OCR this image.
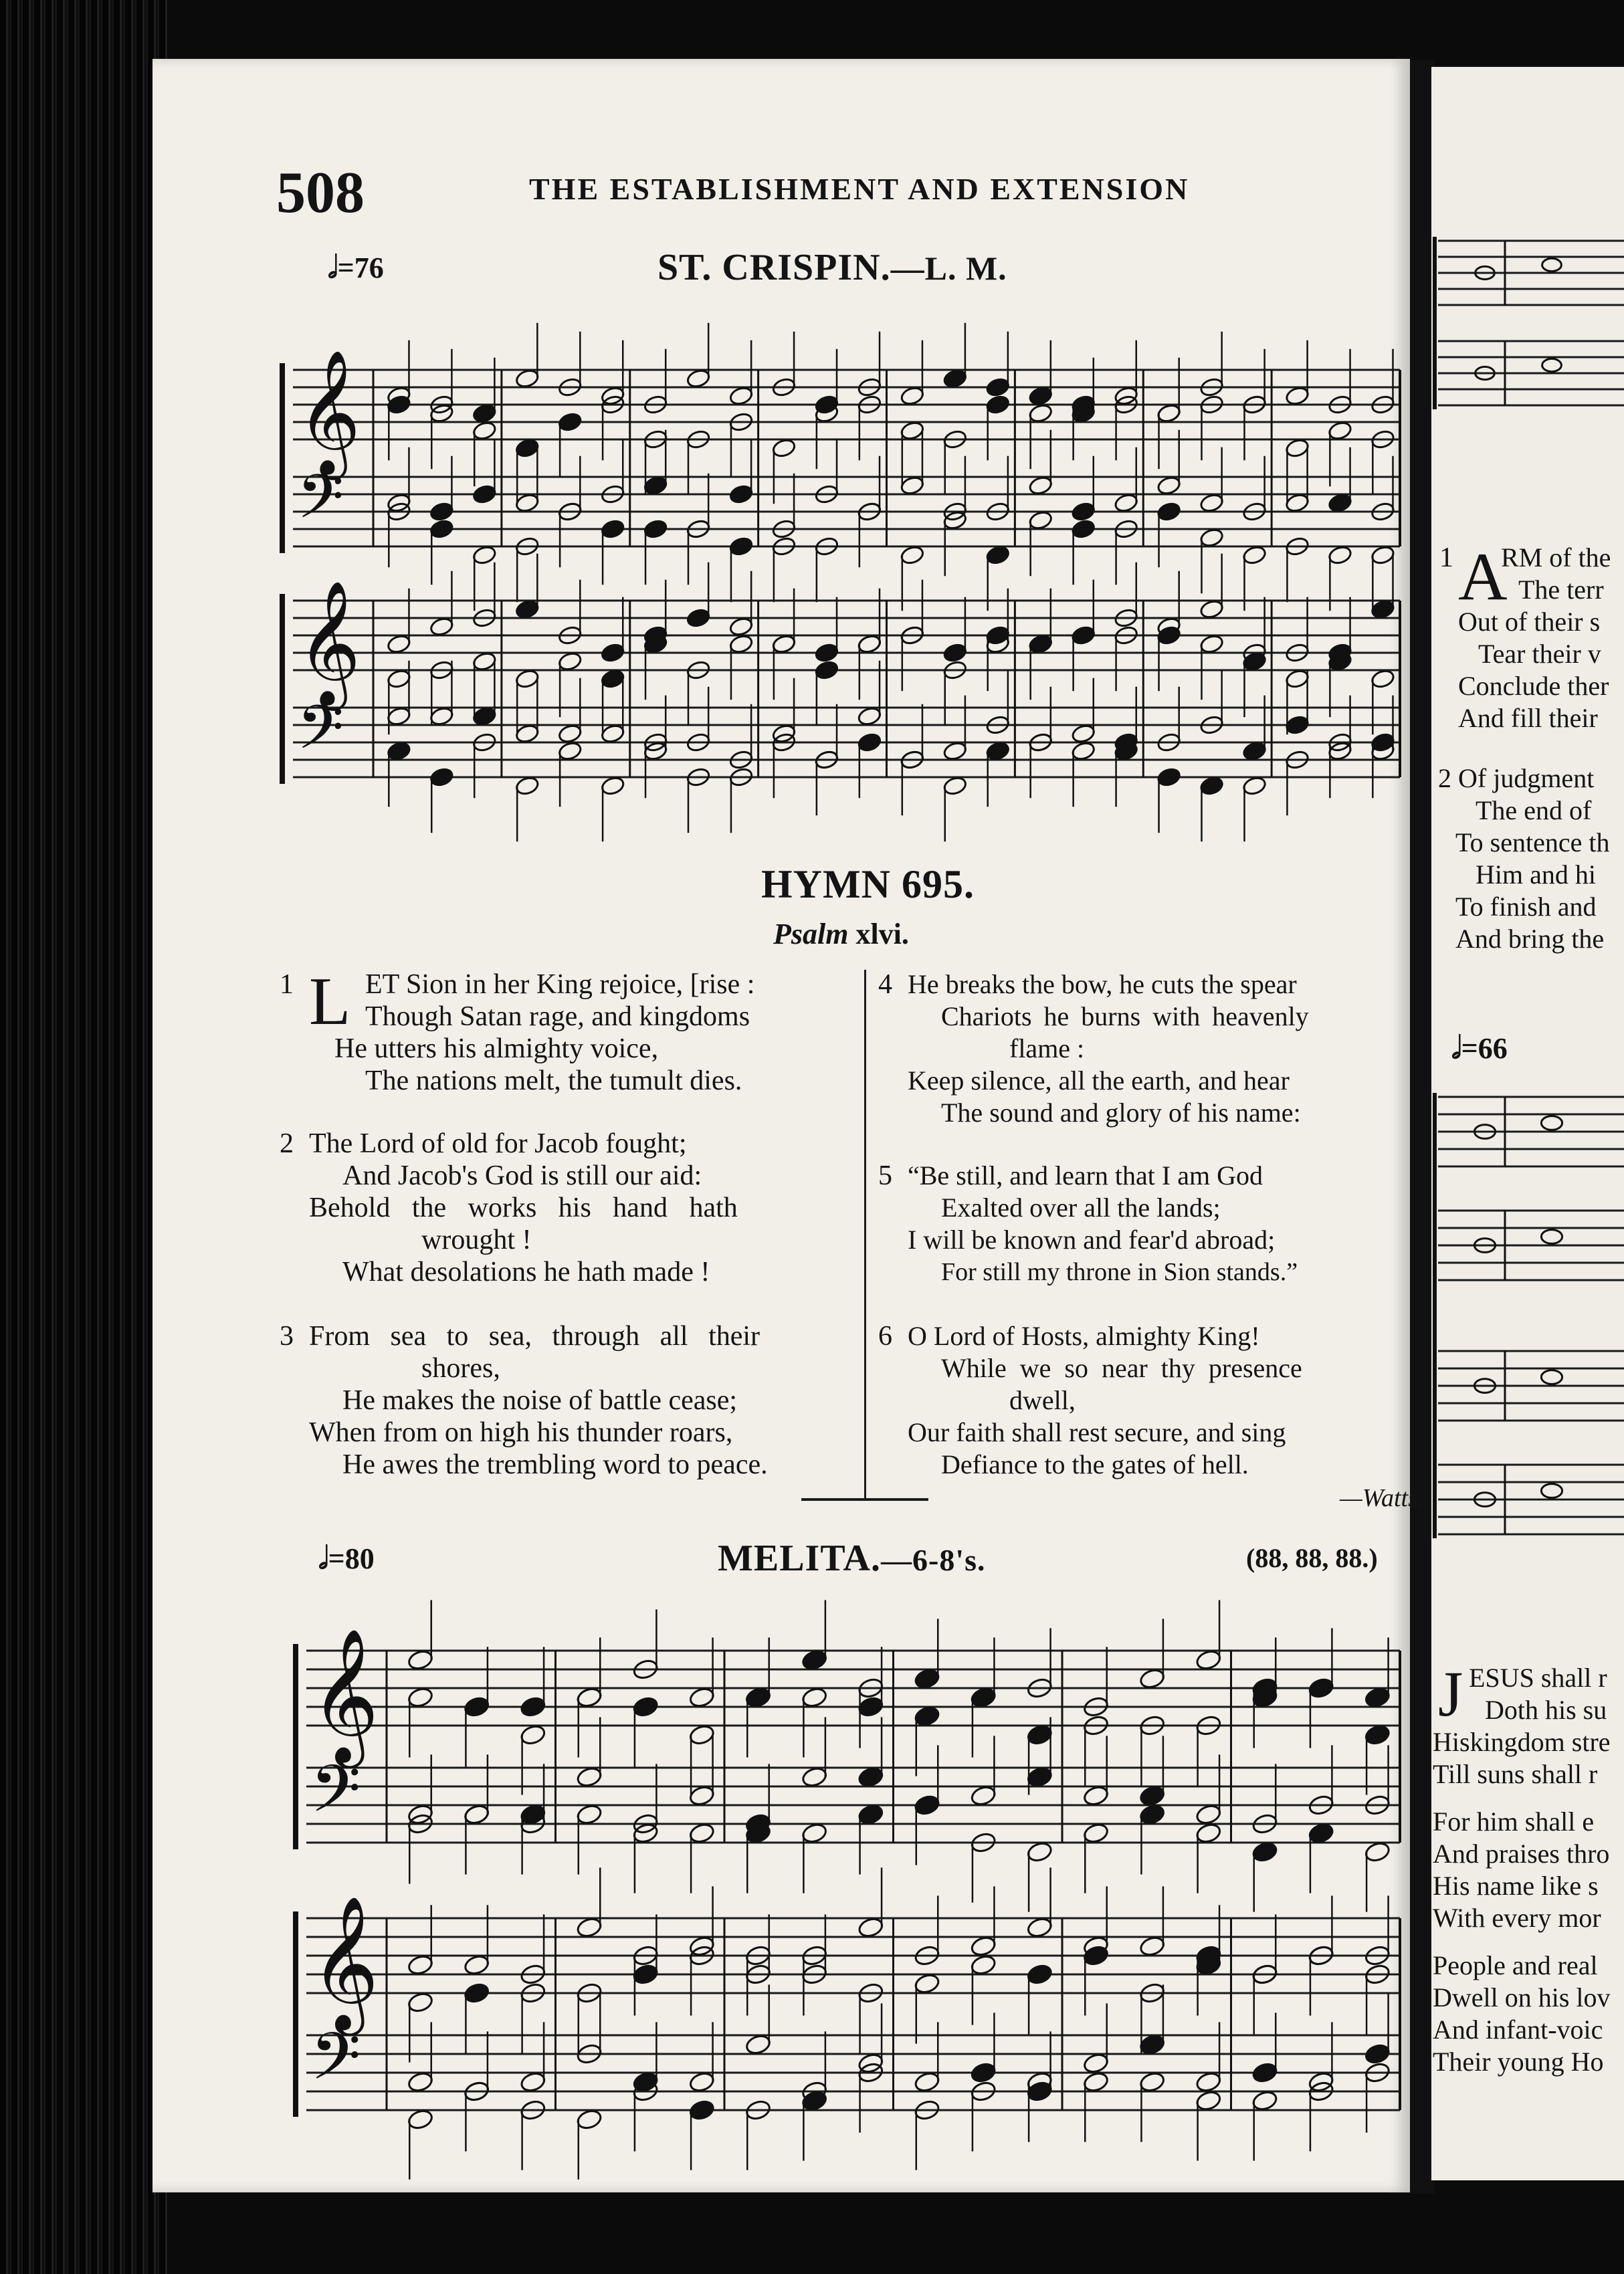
508	THE ESTABLISHMENT AND EXTENSION
𝅗𝅥=76	ST. CRISPIN.—L. M.
𝄞
𝄢
𝄞
𝄢
HYMN 695.
Psalm xlvi.
1 L ET Sion in her King rejoice, [rise :
Though Satan rage, and kingdoms
He utters his almighty voice,
The nations melt, the tumult dies.
2 The Lord of old for Jacob fought;
And Jacob's God is still our aid:
Behold the works his hand hath
wrought !
What desolations he hath made !
3 From sea to sea, through all their
shores,
He makes the noise of battle cease;
When from on high his thunder roars,
He awes the trembling word to peace.
4 He breaks the bow, he cuts the spear
Chariots he burns with heavenly
flame :
Keep silence, all the earth, and hear
The sound and glory of his name:
5 “Be still, and learn that I am God
Exalted over all the lands;
I will be known and fear'd abroad;
For still my throne in Sion stands.”
6 O Lord of Hosts, almighty King!
While we so near thy presence
dwell,
Our faith shall rest secure, and sing
Defiance to the gates of hell.
—Watts.
𝅗𝅥=80	MELITA.—6-8's.	(88, 88, 88.)
𝄞
𝄢
𝄞
𝄢
1 A
RM of the
The terr
Out of their s
Tear their v
Conclude ther
And fill their
2 Of judgment
The end of
To sentence th
Him and hi
To finish and
And bring the
𝅗𝅥=66
J ESUS shall r
Doth his su
Hiskingdom stre
Till suns shall r
For him shall e
And praises thro
His name like s
With every mor
People and real
Dwell on his lov
And infant-voic
Their young Ho
